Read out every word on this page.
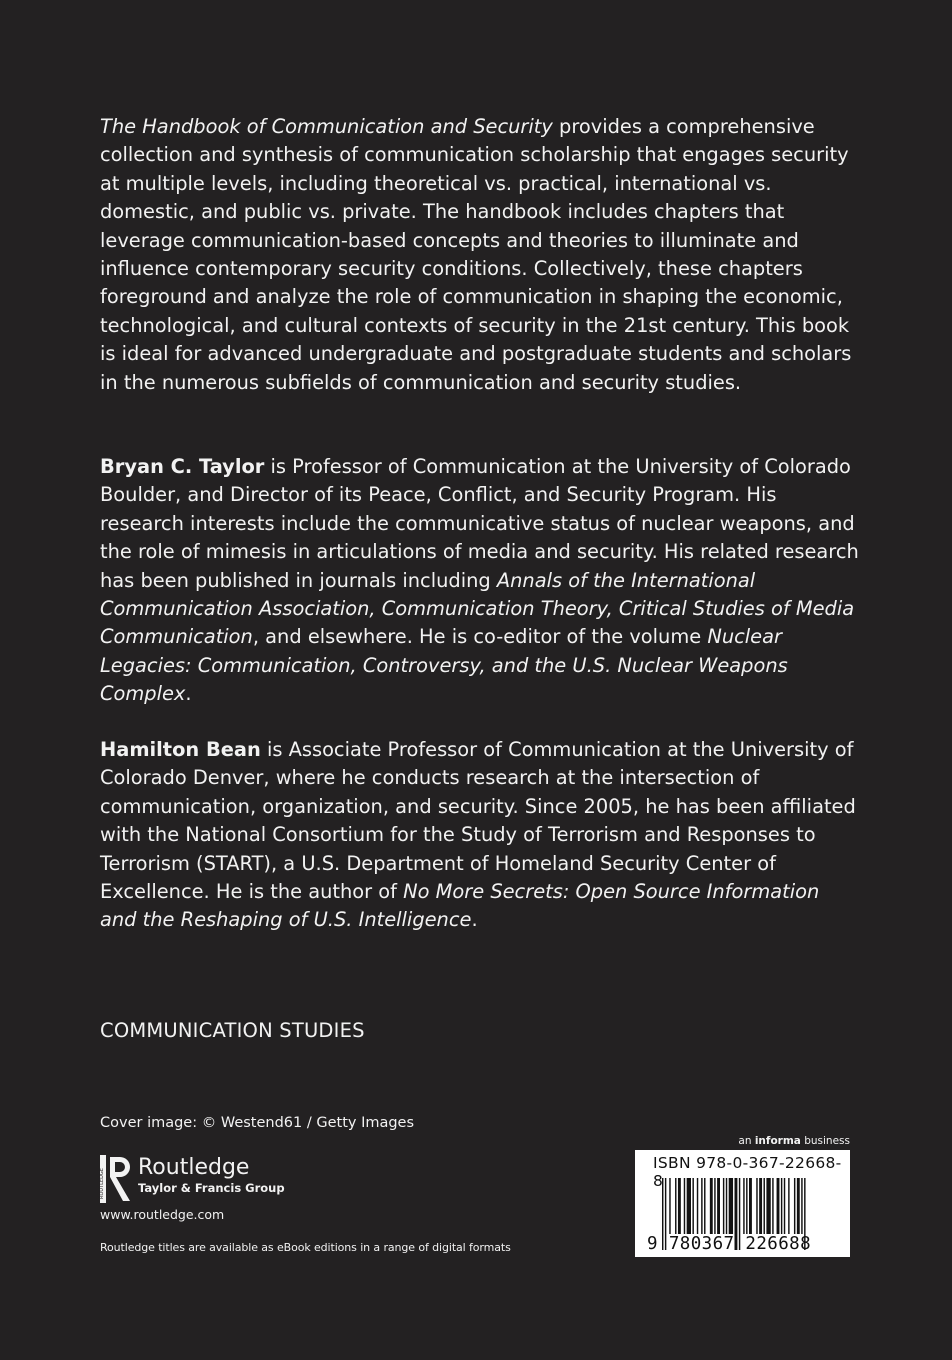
The Handbook of Communication and Security provides a comprehensive collection and synthesis of communication scholarship that engages security at multiple levels, including theoretical vs. practical, international vs. domestic, and public vs. private. The handbook includes chapters that leverage communication-based concepts and theories to illuminate and influence contemporary security conditions. Collectively, these chapters foreground and analyze the role of communication in shaping the economic, technological, and cultural contexts of security in the 21st century. This book is ideal for advanced undergraduate and postgraduate students and scholars in the numerous subfields of communication and security studies.

Bryan C. Taylor is Professor of Communication at the University of Colorado Boulder, and Director of its Peace, Conflict, and Security Program. His research interests include the communicative status of nuclear weapons, and the role of mimesis in articulations of media and security. His related research has been published in journals including Annals of the International Communication Association, Communication Theory, Critical Studies of Media Communication, and elsewhere. He is co-editor of the volume Nuclear Legacies: Communication, Controversy, and the U.S. Nuclear Weapons Complex.

Hamilton Bean is Associate Professor of Communication at the University of Colorado Denver, where he conducts research at the intersection of communication, organization, and security. Since 2005, he has been affiliated with the National Consortium for the Study of Terrorism and Responses to Terrorism (START), a U.S. Department of Homeland Security Center of Excellence. He is the author of No More Secrets: Open Source Information and the Reshaping of U.S. Intelligence.

COMMUNICATION STUDIES
Cover image: © Westend61 / Getty Images
ROUTLEDGE
Routledge
Taylor & Francis Group
www.routledge.com
Routledge titles are available as eBook editions in a range of digital formats
an informa business
ISBN 978-0-367-22668-8
9 780367 226688
